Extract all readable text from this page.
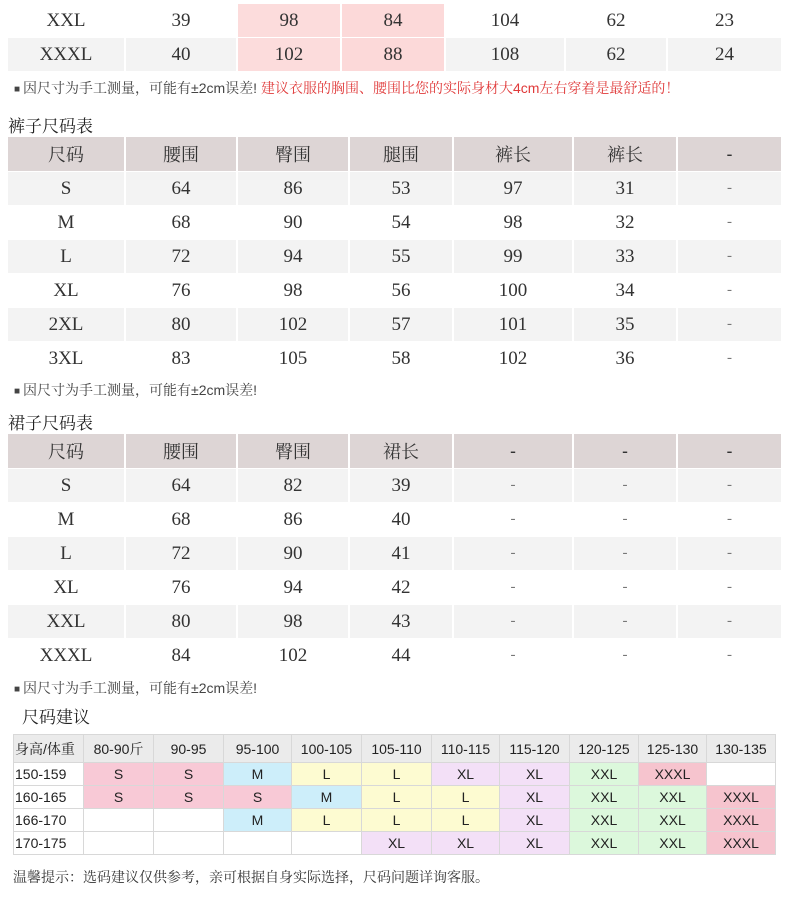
XXL	39	98	84	104	62	23
XXXL	40	102	88	108	62	24
■ 因尺寸为手工测量，可能有±2cm误差! 建议衣服的胸围、腰围比您的实际身材大4cm左右穿着是最舒适的！
裤子尺码表
尺码	腰围	臀围	腿围	裤长	裤长	-
S	64	86	53	97	31	-
M	68	90	54	98	32	-
L	72	94	55	99	33	-
XL	76	98	56	100	34	-
2XL	80	102	57	101	35	-
3XL	83	105	58	102	36	-
■ 因尺寸为手工测量，可能有±2cm误差!
裙子尺码表
尺码	腰围	臀围	裙长	-	-	-
S	64	82	39	-	-	-
M	68	86	40	-	-	-
L	72	90	41	-	-	-
XL	76	94	42	-	-	-
XXL	80	98	43	-	-	-
XXXL	84	102	44	-	-	-
■ 因尺寸为手工测量，可能有±2cm误差!
尺码建议
身高/体重	80-90斤	90-95	95-100	100-105	105-110	110-115	115-120	120-125	125-130	130-135
150-159	S	S	M	L	L	XL	XL	XXL	XXXL	
160-165	S	S	S	M	L	L	XL	XXL	XXL	XXXL
166-170			M	L	L	L	XL	XXL	XXL	XXXL
170-175					XL	XL	XL	XXL	XXL	XXXL
温馨提示：选码建议仅供参考，亲可根据自身实际选择，尺码问题详询客服。
